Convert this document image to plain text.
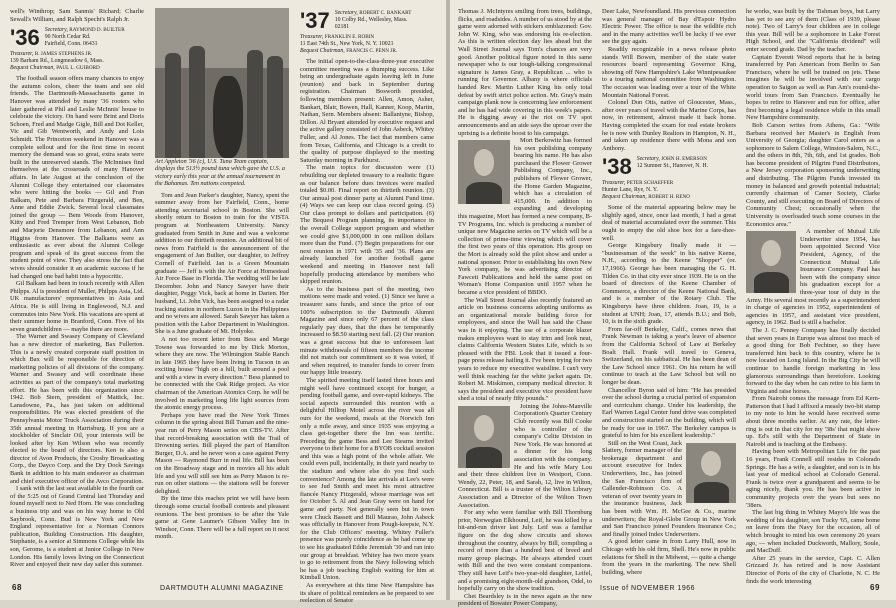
well's Winthrop; Sam Sanmis' Richard; Charlie Sewall's William, and Ralph Specht's Ralph Jr.

'36 Secretary, RAYMOND D. BUILTER
90 North Cedar Rd.
Fairfield, Conn. 06431

Treasurer, B. JAMES STEPHENS JR.

139 Barham Rd., Longmeadow 6, Mass.

Bequest Chairman, PAUL L. GUIBORD

The football season offers many chances to enjoy the autumn colors, cheer the team and see old friends. The Dartmouth-Massachusetts game in Hanover was attended by many '36 rooters who later gathered at Phil and Leslie McInnis' house to celebrate the victory. On hand were Brint and Doris Schoen, Fred and Madge Gigle, Bill and Dot Keller, Vic and Gib Wentworth, and Andy and Lois Schmidt. The Princeton weekend in Hanover was a complete sellout and for the first time in recent memory the demand was so great, extra seats were built in the unreserved stands. The McInnises find themselves at the crossroads of many Hanover affairs. In late August at the conclusion of the Alumni College they entertained our classmates who were hitting the books — Gil and Fran Balkam, Pete and Barbara Fitzgerald, and Ben, Anne and Eddie Zwick. Several local classmates joined the group — Bem Woods from Hanover, Kitty and Fred Tremper from West Lebanon, Bob and Marjorie Densmore from Lebanon, and Ann Higgins from Hanover. The Balkams were as enthusiastic as ever about the Alumni College program and speak of its great success from the student point of view. They also stress the fact that wives should consider it an academic success if he had changed one bad habit into a hypocritic.

Gil Balkam had been in touch recently with Allen Philpps. Al is president of Muller, Philpps Asia, Ltd. UK manufacturers' representatives in Asia and Africa. He is still living in Englewood, N.J. and commutes into New York. His vacations are spent at their summer home in Branford, Conn. Five of his seven grandchildren — maybe there are more.

The Warner and Swasey Company of Cleveland has a new director of marketing, Bax Fullerton. This is a newly created corporate staff position in which Bax will be responsible for direction of marketing policies of all divisions of the company. Warner and Swasey and will coordinate these activities as part of the company's total marketing effort. He has been with this organization since 1942. Bob Stern, president of Mattick, Inc. Lansdowne, Pa., has just taken on additional responsibilities. He was elected president of the Pennsylvania Motor Truck Association during their 35th annual meeting in Harrisburg. If you are a stockholder of Sinclair Oil, your interests will be looked after by Ken Wilson who was recently elected to the board of directors. Ken is also a director of Avon Products, the Crosby Broadcasting Corp., the Dayco Corp. and the Dry Dock Savings Bank in addition to his main endeavor as chairman and chief executive officer of the Avco Corporation.

I sank with the last seat available in the fourth car of the 5:25 out of Grand Central last Thursday and found myself next to Ned Horn. He was concluding a business trip and was on his way home to Old Saybrook, Conn. Bud is New York and New England representative for a Norman Connors publication, Building Construction. His daughter, Stephanie, is a senior at Simmons College while his son, Gerome, is a student at Junior College in New London. His family loves living on the Connecticut River and enjoyed their new day sailer this summer.

Art Appleton '36 (c), U.S. Tuna Team captain, displays the 513½ pound tuna which gave the U.S. a victory early this year at the annual tournament in the Bahamas. Ten nations competed.

Tom and Jean Parker's daughter, Nancy, spent the summer away from her Fairfield, Conn., home attending secretarial school in Boston. She will shortly return to Boston to train for the VISTA program at Northeastern University. Nancy graduated from Smith in June and was a welcome addition to our thirtieth reunion. An additional bit of news from Fairfield is the announcement of the engagement of Jan Builter, our daughter, to Jeffrey Cornell of Fairfield. Jan is a Green Mountain graduate — Jeff is with the Air Force at Homestead Air Force Base in Florida. The wedding will be late December. John and Nancy Sawyer have their daughter, Peggy Vick, back at home in Darien. Her husband, Lt. John Vick, has been assigned to a radar tracking station in northern Luzon in the Philippines and no wives are allowed. Sarah Sawyer has taken a position with the Labor Department in Washington. She is a June graduate of Mt. Holyoke.

A not too recent letter from Bess and Marge Towne was forwarded to me by Dick Morton, where they are now. The Wilmington Stable Ranch in late 1965 they have been living in Tucson in an exciting house "high on a hill, built around a pool and with a view in every direction." Bess planned to be connected with the Oak Ridge project. As vice chairman of the American Atomics Corp. he will be involved in marketing long life light sources from the atomic energy process.

Perhaps you have read the New York Times column in the spring about Bill Tuman and the nine-year run of Perry Mason series on CBS-TV. After that record-breaking association with the Trail of Drowning series. Bill played the part of Hamilton Burger, D.A. and he never won a case against Perry Mason — Raymond Burr in real life. Bill has been on the Broadway stage and in movies all his adult life and you will still see him as Perry Mason is re-run on other stations — the stations will be forever delighted.

By the time this reaches print we will have been through some crucial football contests and pleasant reunions. The best promises to be after the Yale game at Gene Laumer's Gibson Valley Inn in Windsor, Conn. There will be a full report on it next month.

'37 Secretary, ROBERT C. BANKART
10 Colby Rd., Wellesley, Mass.
02181

Treasurer, FRANKLIN E. ROBIN

11 East 74th St., New York, N. Y. 10021

Bequest Chairman, FRANCIS C. PENN JR.

The initial open-to-the-class-three-year executive committee meeting was a thumping success. Like being an undergraduate again leaving left in June (reunion) and back in September during registration. Chairman Bosworth presided, following members present: Allen, Amon, Asher, Bankart, Blair, Bowen, Hall, Kanner, Koop, Martin, Nathan, Sern. Members absent: Ballantyne, Bishop, Dillon. Al Bryant attended by executive request and the active gallery consisted of John Asbeck, Whitey Fuller, and Al Jones. The fact that members came from Texas, California, and Chicago is a credit to the quality of purpose displayed to the meeting Saturday morning in Parkhurst.

The main topics for discussion were (1) rebuilding our depleted treasury to a realistic figure as our balance before dues invoices were mailed totaled $0.00. Final report on thirtieth reunion. (3) Our annual post dinner party at Alumni Fund time. (4) Ways we can keep our class record going. (5) Our class prompt to dollars and participation. (6) The Bequest Program planning, its importance in the overall College support program and whether we could give $1,000,000 in one million dollars more than the Fund. (7) Begin preparations for our next reunion in 1971 with '35 and '36. Plans are already launched for another football game weekend and meeting in Hanover next fall hopefully producing attendance by members who skipped reunion.

As to the business part of the meeting, two motions were made and voted. (1) Since we have a treasurer sans funds, and since the price of our 100% subscription to the Dartmouth Alumni Magazine and since only 67 percent of the class regularly pay dues, that the dues be temporarily increased to $8.50 starting next fall. (2) Our reunion was a great success but due to unforeseen last minute withdrawals of fifteen members the income did not match our commitment so it was voted, if and when required, to transfer funds to cover from our happy little treasury.

The spirited meeting itself lasted three hours and might well have continued except for hunger, a pending football game, and over-rapid kidneys. The social aspects surrounded this reunion with a delightful Hilltop Motel across the river was all ours for the weekend, meals at the Norwich Inn only a mile away, and since 1935 was enjoying a class get-together there the Inn was terrific. Preceding the game Bess and Lee Stearns invited everyone to their home for a BYOB cocktail session and this was a high point of the whole affair. We could even pull, incidentally, in their yard nearby to the stadium and where else do you find such convenience? Among the late arrivals at Lee's were to see Jud Smith and meet his most attractive fiancée Nancy Fitzgerald, whose marriage was set for October 5. Al and Jean Gray were on hand for game and party. Not generally seen but in town were Chuck Bassett and Bill Maurao, John Asbeck was officially in Hanover from Pough-keepsie, N.Y. for the Club Officers' meeting. Whitey Fuller's presence was purely coincidence as he had come up to see his graduated Eddie Jeremiah '30 and ran into our group at breakfast. Whitey has two more years to go to retirement from the Navy following which he has a job teaching English waiting for him at Kimball Union.

As everywhere at this time New Hampshire has its share of political reminders as he prepared to see reelection of Senator

68	DARTMOUTH ALUMNI MAGAZINE

Thomas J. McIntyres smiling from trees, buildings, flicks, and roadsides. A number of us stood by at the game were adorned with stickers emblazoned: Gov. John W. King, who was endorsing his re-election. As this is written election day lies ahead but the Wall Street Journal says Tom's chances are very good. Another political figure noted in this same newspaper who is our tough-talking congressional signature is James Gray, a Republican ... who is running for Governor. Albany is where officials handed Rev. Martin Luther King his only total defeat by swift strict police action. Mr. Gray's main campaign plank now is concerning law enforcement and he has had wide covering in this week's papers. He is digging away at the riot on TV spot announcements and an aide says the uproar over the uprising is a definite boost to his campaign.

Mort Berkowitz has formed his own publishing company bearing his name. He has also purchased the Flower Grower Publishing Company, Inc., publishers of Flower Grower, the Home Garden Magazine, which has a circulation of 415,000. In addition to expanding and developing this magazine, Mort has formed a new company, B-TV Programs, Inc. which is producing a number of unique new Magazine series on TV which will be a collection of prime-time viewing which will cover the first two years of this operation. His group on the Mort is already sold the pilot show and under a national sponsor. Prior to establishing his own New York company, he was advertising director of Fawcett Publications and held the same post on Woman's Home Companion until 1957 when he became a vice president of BBDO.

The Wall Street Journal also recently featured an article on business concerns adopting uniforms as an organizational morale building force for employees, and since the Wall has said the Chase was in it enjoying. The use of a corporate blazer makes employees want to stay trim and look neat, claims California Western States Life, which is so pleased with the FBI. Look that it issued a four-page press release hailing it. I've been trying for two years to reduce my executive waistline. I can't very well think reaching far the white jacket again. Dr. Robert M. Miskimon, company medical director. It says the president and executive vice president have shed a total of nearly fifty pounds."

Joining the Johns-Manville Corporation's Quarter Century Club recently was Bill Cooke who is controller of the company's Celite Division in New York. He was honored at a dinner for his long association with the company. He and his wife Mary Lou and their three children live in Westport, Conn. Wendy, 22, Peter, 18, and Sarah, 12, live in Wilton, Connecticut. Bill is a trustee of the Wilton Library Association and a Director of the Wilton Town Association.

For any who were familiar with Bill Thornburg prior, Norwegian Elkhound, Leif, he was killed by a hit-and-run driver last July. Leif was a familiar figure on the dog show circuits and shows throughout the country, always by Bill, compiling a record of more than a hundred best of breed and many group placings. He always attended court with Bill and the two were constant companions. They still have Leif's two-year-old daughter, Leifel, and a promising eight-month-old grandson, Odel, to hopefully carry on the show tradition.

Chet Beardsley is in the news again as the new president of Bowater Power Company,

Deer Lake, Newfoundland. His previous connection was general manager of Bay d'Espoir Hydro Electric Power. The office is near the wildlife rich and in the many activities we'll be lucky if we ever see the guy again.

Readily recognizable in a news release photo stands Will Bowen, member of the state water resources board representing Governor King, showing off New Hampshire's Lake Winnipesaukee to a touring national committee from Washington. The occasion was leading over a tour of the White Mountain National Forest.

Colonel Don Otis, native of Gloucester, Mass., after over years of travel with the Marine Corps, has now, in retirement, almost made it back home. Having completed the exam for real estate brokers he is now with Dunley Realtors in Hampton, N. H., and taken up residence there with Mona and son Anthony.

'38 Secretary, JOHN H. EMERSON
12 Sumner St., Hanover, N. H.

Treasurer, PETER SCHAEFFER

Hunter Lane, Rye, N. Y.

Bequest Chairman, ROBERT H. RENO

Some of the material appearing below may be slightly aged, since, once last month, I had a great deal of material accumulated over the summer. This ought to empty the old shoe box for a fare-thee-well.

George Kingsbury finally made it — "businessman of the week" in his native Keene, N.H., according to the Keene "Shopper" (or. 17,1966). George has been managing the G. H. Tilden Co. in that city ever since 1939. He is on the board of directors of the Keene Chamber of Commerce, a director of the Keene National Bank, and is a member of the Rotary Club. The Kingsburys have three children. Joan, 19, is a student at UNH; Joan, 17, attends B.U.; and Bob, 10, is in the sixth grade.

From far-off Berkeley, Calif., comes news that Frank Newman is taking a year's leave of absence from the California School of Law at Berkeley Boalt Hall. Frank will travel to Geneva, Switzerland, on his sabbatical. He has been dean of the Law School since 1961. On his return he will continue to teach at the Law School but will no longer be dean.

Chancellor Byron said of him: "He has presided over the school during a crucial period of expansion and curriculum change. Under his leadership, the Earl Warren Legal Center fund drive was completed and construction started on the building, which will be ready for use in 1967. The Berkeley campus is grateful to him for his excellent leadership."

Still on the West Coast, Jack Slattery, former manager of the brokerage department and account executive for Index Underwriters, Inc., has joined the San Francisco firm of Callender-Robinson Co. A veteran of over twenty years in the insurance business, Jack has been with Wm. H. McGee & Co., marine underwriters; the Royal-Globe Group in New York and San Francisco joined Founders Insurance Co.; and finally joined Index Underwriters.

A good letter came in from Larry Hull, now in Chicago with his old firm, Shell. He's now in public relations for Shell in the Midwest, — quite a change from the years in the marketing. The new Shell building, where

he works, was built by the Tishman boys, but Larry has yet to see any of them (Class of 1939, please note). Two of Larry's four children are in college this year. Bill will be a sophomore in Lake Forest High School, and the "California dividend" will enter second grade. Dad by the teacher.

Captain Everett Wood reports that he is being transferred by Pan American from Berlin to San Francisco, where he will be trained on jets. These imagines he will be involved with our cargo operation to Saigon as well as Pan Am's round-the-world tours from San Francisco. Eventually he hopes to retire to Hanover and run for office, after first becoming a legal residence while in this small New Hampshire community.

Bob Carson writes from Athens, Ga.: "Wife Barbara received her Master's in English from University of Georgia; daughter Carol enters as a sophomore to Salem College, Winston-Salem, N.C., and the others in 8th, 7th, 6th, and 1st grades. Bob has become president of Pilgrim Fund Distributors, a New Jersey corporation sponsoring underwriting and distributing. The Pilgrim Funds invested its money in balanced and growth potential industrial; currently chairman of Camer Society, Clarke County, and still executing on Board of Directors of Community Chest; occasionally when the University is overloaded teach some courses in the Economics area."

A member of Mutual Life Underwriter since 1954, has been appointed Second Vice President, Agency, of the Connecticut Mutual Life Insurance Company. Paul has been with the company since his graduation except for a three-year tour of duty in the Army. His several most recently as a superintendent in charge of agencies in 1952, superintendent of agencies in 1957, and assistant vice president, agency, in 1962. Bud is still a bachelor.

The J. C. Penney Company has finally decided that seven years in Europe was almost too much of a good thing for Bob Fechtner, so they have transferred him back to this country, where he is now located on Long Island. In the Big City he will continue to handle foreign marketing in less glamorous surroundings than heretofore. Looking forward to the day when he can retire to his farm in Virginia and raise horses.

From Nairobi comes the message from Ed Kern-Patterson that I had I affixed a measly two-bit stamp to my note to him he would have received some about three months earlier. At any rate, the letter-ring is out in that city for my '38s' that might show up. Ed's still with the Department of State in Nairobi and is teaching at the Embassy.

Having been with Metropolitan Life for the past 16 years, Frank Connell still resides in Colorado Springs. He has a wife, a daughter, and son is in his last year of medical school at Colorado General. Frank is twice over a grandparent and seems to be aging nicely, thank you. He has been active in community projects over the years but sees no '38ers.

The last big thing in Whitey Mayo's life was the wedding of his daughter, son Tucky '65, came home on leave from the Navy for the occasion, all of which brought to mind his own ceremony 26 years ago, — when included Duckworth, Mallory, Soule, and MacDuff.

After 25 years in the service, Capt. C. Allen Grizzard Jr. has retired and is now Assistant Director of Ports of the city of Charlotte, N. C. He finds the work interesting

Issue of NOVEMBER 1966	69
